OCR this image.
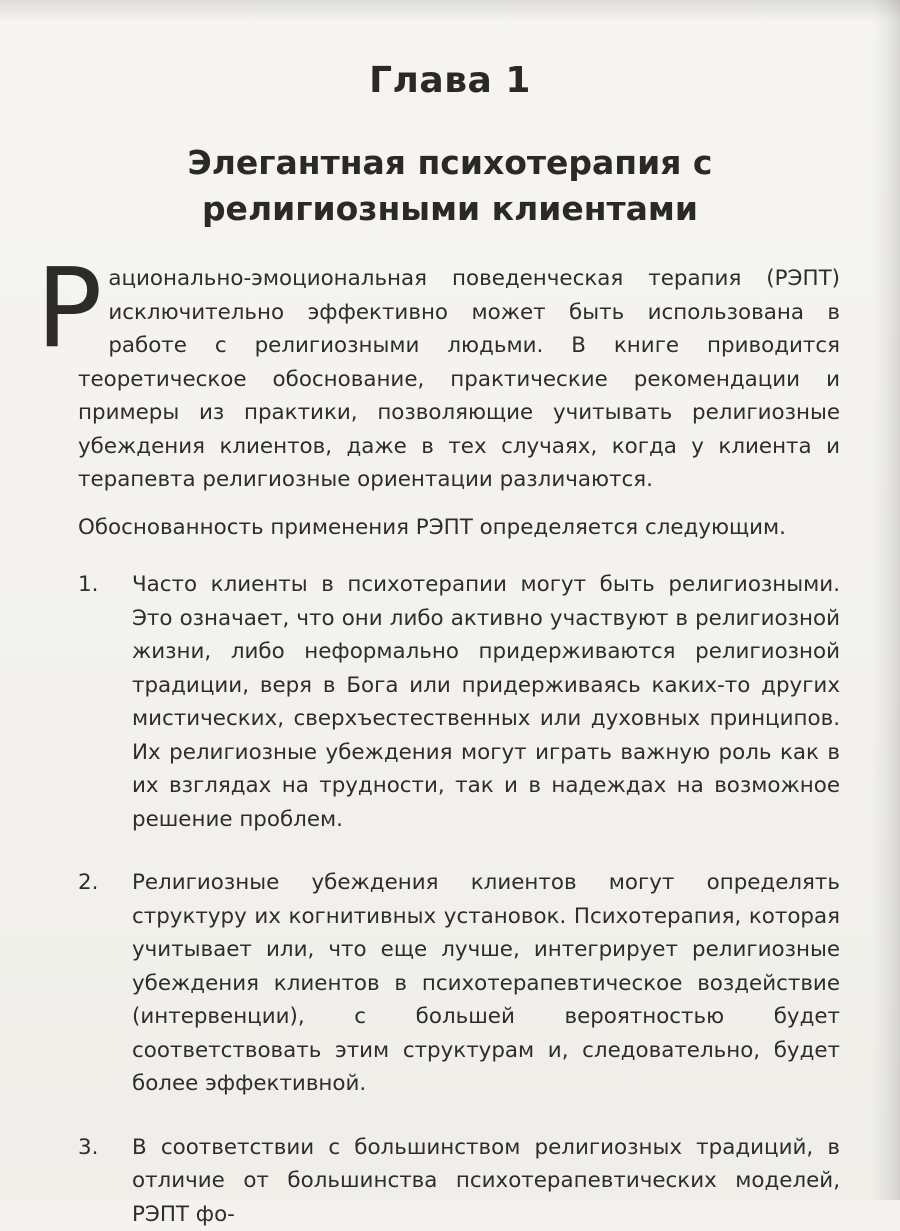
Глава 1
Элегантная психотерапия с религиозными клиентами

Рационально-эмоциональная поведенческая терапия (РЭПТ) исключительно эффективно может быть использована в работе с религиозными людьми. В книге приводится теоретическое обоснование, практические рекомендации и примеры из практики, позволяющие учитывать религиозные убеждения клиентов, даже в тех случаях, когда у клиента и терапевта религиозные ориентации различаются.

Обоснованность применения РЭПТ определяется следующим.

1.	Часто клиенты в психотерапии могут быть религиозными. Это означает, что они либо активно участвуют в религиозной жизни, либо неформально придерживаются религиозной традиции, веря в Бога или придерживаясь каких-то других мистических, сверхъестественных или духовных принципов. Их религиозные убеждения могут играть важную роль как в их взглядах на трудности, так и в надеждах на возможное решение проблем.
2.	Религиозные убеждения клиентов могут определять структуру их когнитивных установок. Психотерапия, которая учитывает или, что еще лучше, интегрирует религиозные убеждения клиентов в психотерапевтическое воздействие (интервенции), с большей вероятностью будет соответствовать этим структурам и, следовательно, будет более эффективной.
3.	В соответствии с большинством религиозных традиций, в отличие от большинства психотерапевтических моделей, РЭПТ фо-
